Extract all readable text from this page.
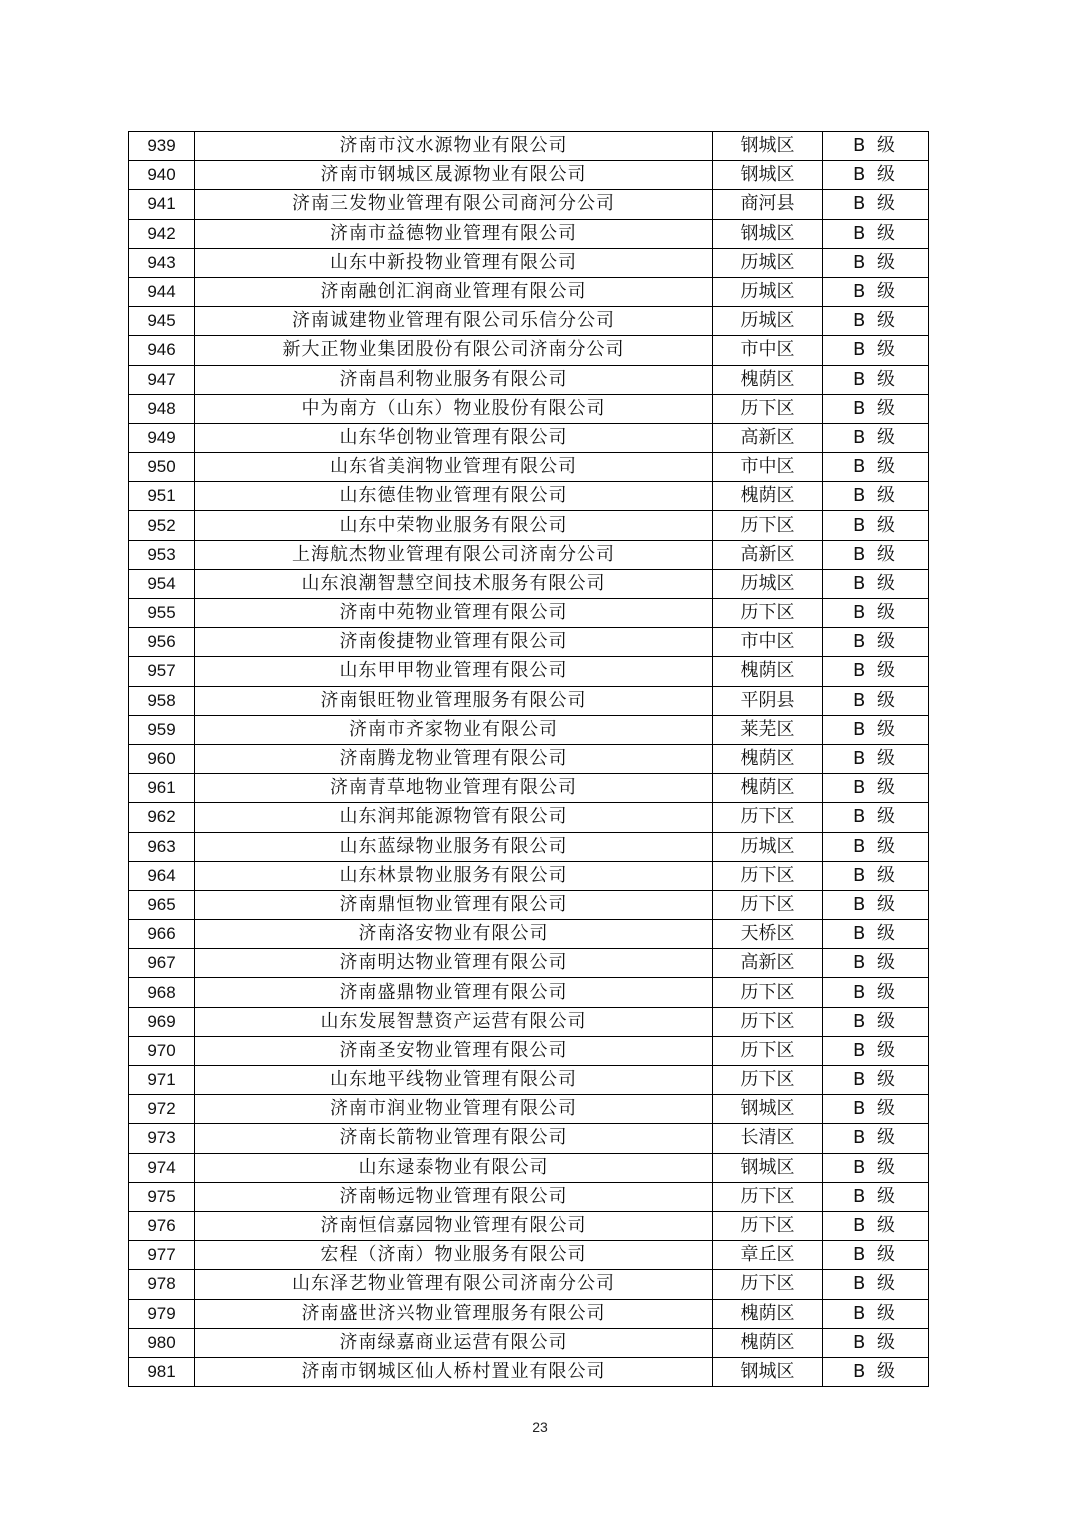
939	济南市汶水源物业有限公司	钢城区	B 级
940	济南市钢城区晟源物业有限公司	钢城区	B 级
941	济南三发物业管理有限公司商河分公司	商河县	B 级
942	济南市益德物业管理有限公司	钢城区	B 级
943	山东中新投物业管理有限公司	历城区	B 级
944	济南融创汇润商业管理有限公司	历城区	B 级
945	济南诚建物业管理有限公司乐信分公司	历城区	B 级
946	新大正物业集团股份有限公司济南分公司	市中区	B 级
947	济南昌利物业服务有限公司	槐荫区	B 级
948	中为南方（山东）物业股份有限公司	历下区	B 级
949	山东华创物业管理有限公司	高新区	B 级
950	山东省美润物业管理有限公司	市中区	B 级
951	山东德佳物业管理有限公司	槐荫区	B 级
952	山东中荣物业服务有限公司	历下区	B 级
953	上海航杰物业管理有限公司济南分公司	高新区	B 级
954	山东浪潮智慧空间技术服务有限公司	历城区	B 级
955	济南中苑物业管理有限公司	历下区	B 级
956	济南俊捷物业管理有限公司	市中区	B 级
957	山东甲甲物业管理有限公司	槐荫区	B 级
958	济南银旺物业管理服务有限公司	平阴县	B 级
959	济南市齐家物业有限公司	莱芜区	B 级
960	济南腾龙物业管理有限公司	槐荫区	B 级
961	济南青草地物业管理有限公司	槐荫区	B 级
962	山东润邦能源物管有限公司	历下区	B 级
963	山东蓝绿物业服务有限公司	历城区	B 级
964	山东林景物业服务有限公司	历下区	B 级
965	济南鼎恒物业管理有限公司	历下区	B 级
966	济南洛安物业有限公司	天桥区	B 级
967	济南明达物业管理有限公司	高新区	B 级
968	济南盛鼎物业管理有限公司	历下区	B 级
969	山东发展智慧资产运营有限公司	历下区	B 级
970	济南圣安物业管理有限公司	历下区	B 级
971	山东地平线物业管理有限公司	历下区	B 级
972	济南市润业物业管理有限公司	钢城区	B 级
973	济南长箭物业管理有限公司	长清区	B 级
974	山东逯泰物业有限公司	钢城区	B 级
975	济南畅远物业管理有限公司	历下区	B 级
976	济南恒信嘉园物业管理有限公司	历下区	B 级
977	宏程（济南）物业服务有限公司	章丘区	B 级
978	山东泽艺物业管理有限公司济南分公司	历下区	B 级
979	济南盛世济兴物业管理服务有限公司	槐荫区	B 级
980	济南绿嘉商业运营有限公司	槐荫区	B 级
981	济南市钢城区仙人桥村置业有限公司	钢城区	B 级
23
